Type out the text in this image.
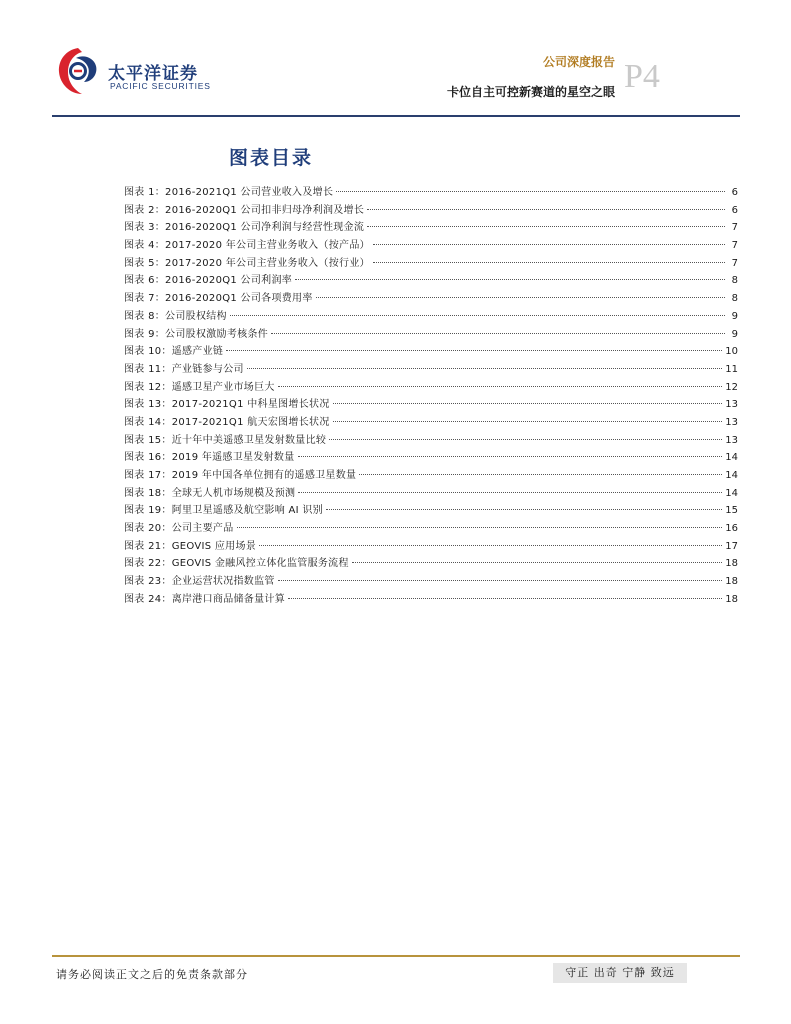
太平洋证券
PACIFIC SECURITIES
公司深度报告
卡位自主可控新赛道的星空之眼 P4
图表目录
图表 1：2016-2021Q1 公司营业收入及增长	6
图表 2：2016-2020Q1 公司扣非归母净利润及增长	6
图表 3：2016-2020Q1 公司净利润与经营性现金流	7
图表 4：2017-2020 年公司主营业务收入（按产品）	7
图表 5：2017-2020 年公司主营业务收入（按行业）	7
图表 6：2016-2020Q1 公司利润率	8
图表 7：2016-2020Q1 公司各项费用率	8
图表 8：公司股权结构	9
图表 9：公司股权激励考核条件	9
图表 10：遥感产业链	10
图表 11：产业链参与公司	11
图表 12：遥感卫星产业市场巨大	12
图表 13：2017-2021Q1 中科星图增长状况	13
图表 14：2017-2021Q1 航天宏图增长状况	13
图表 15：近十年中美遥感卫星发射数量比较	13
图表 16：2019 年遥感卫星发射数量	14
图表 17：2019 年中国各单位拥有的遥感卫星数量	14
图表 18：全球无人机市场规模及预测	14
图表 19：阿里卫星遥感及航空影响 AI 识别	15
图表 20：公司主要产品	16
图表 21：GEOVIS 应用场景	17
图表 22：GEOVIS 金融风控立体化监管服务流程	18
图表 23：企业运营状况指数监管	18
图表 24：离岸港口商品储备量计算	18
请务必阅读正文之后的免责条款部分	守正 出奇 宁静 致远
